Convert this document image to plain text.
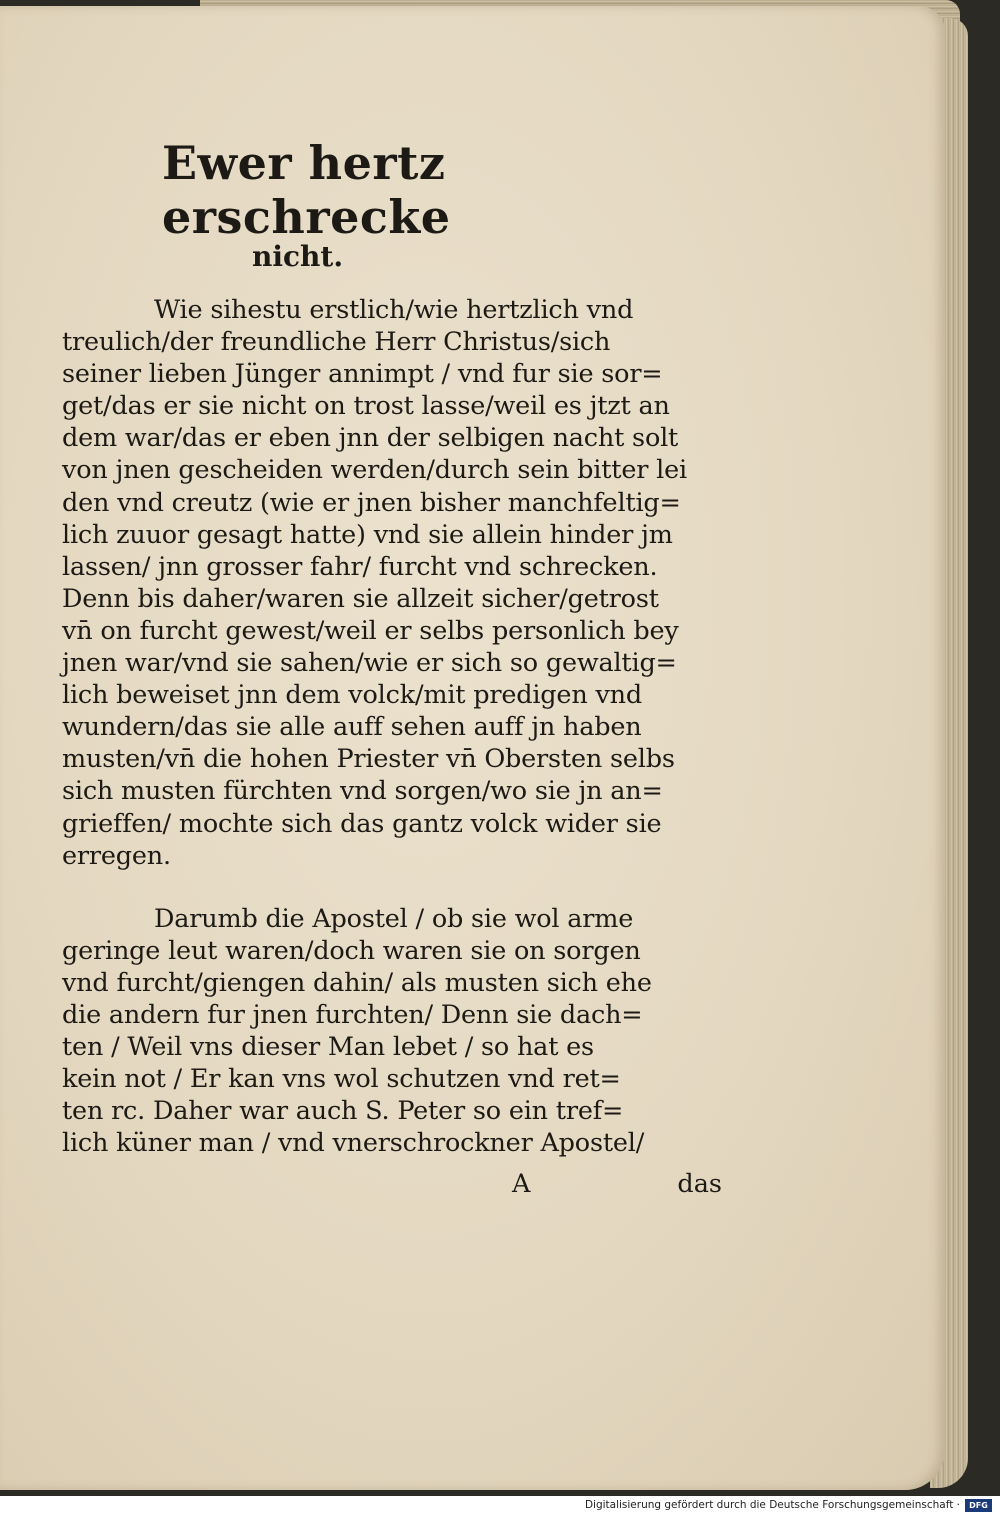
Ewer hertz erschrecke
nicht.
Wie sihestu erstlich/wie hertzlich vnd
treulich/der freundliche Herr Christus/sich
seiner lieben Jünger annimpt / vnd fur sie sor=
get/das er sie nicht on trost lasse/weil es jtzt an
dem war/das er eben jnn der selbigen nacht solt
von jnen gescheiden werden/durch sein bitter lei
den vnd creutz (wie er jnen bisher manchfeltig=
lich zuuor gesagt hatte) vnd sie allein hinder jm
lassen/ jnn grosser fahr/ furcht vnd schrecken.
Denn bis daher/waren sie allzeit sicher/getrost
vn̄ on furcht gewest/weil er selbs personlich bey
jnen war/vnd sie sahen/wie er sich so gewaltig=
lich beweiset jnn dem volck/mit predigen vnd
wundern/das sie alle auff sehen auff jn haben
musten/vn̄ die hohen Priester vn̄ Obersten selbs
sich musten fürchten vnd sorgen/wo sie jn an=
grieffen/ mochte sich das gantz volck wider sie
erregen.
Darumb die Apostel / ob sie wol arme
geringe leut waren/doch waren sie on sorgen
vnd furcht/giengen dahin/ als musten sich ehe
die andern fur jnen furchten/ Denn sie dach=
ten / Weil vns dieser Man lebet / so hat es
kein not / Er kan vns wol schutzen vnd ret=
ten rc. Daher war auch S. Peter so ein tref=
lich küner man / vnd vnerschrockner Apostel/
A	das
Digitalisierung gefördert durch die Deutsche Forschungsgemeinschaft ·	DFG
